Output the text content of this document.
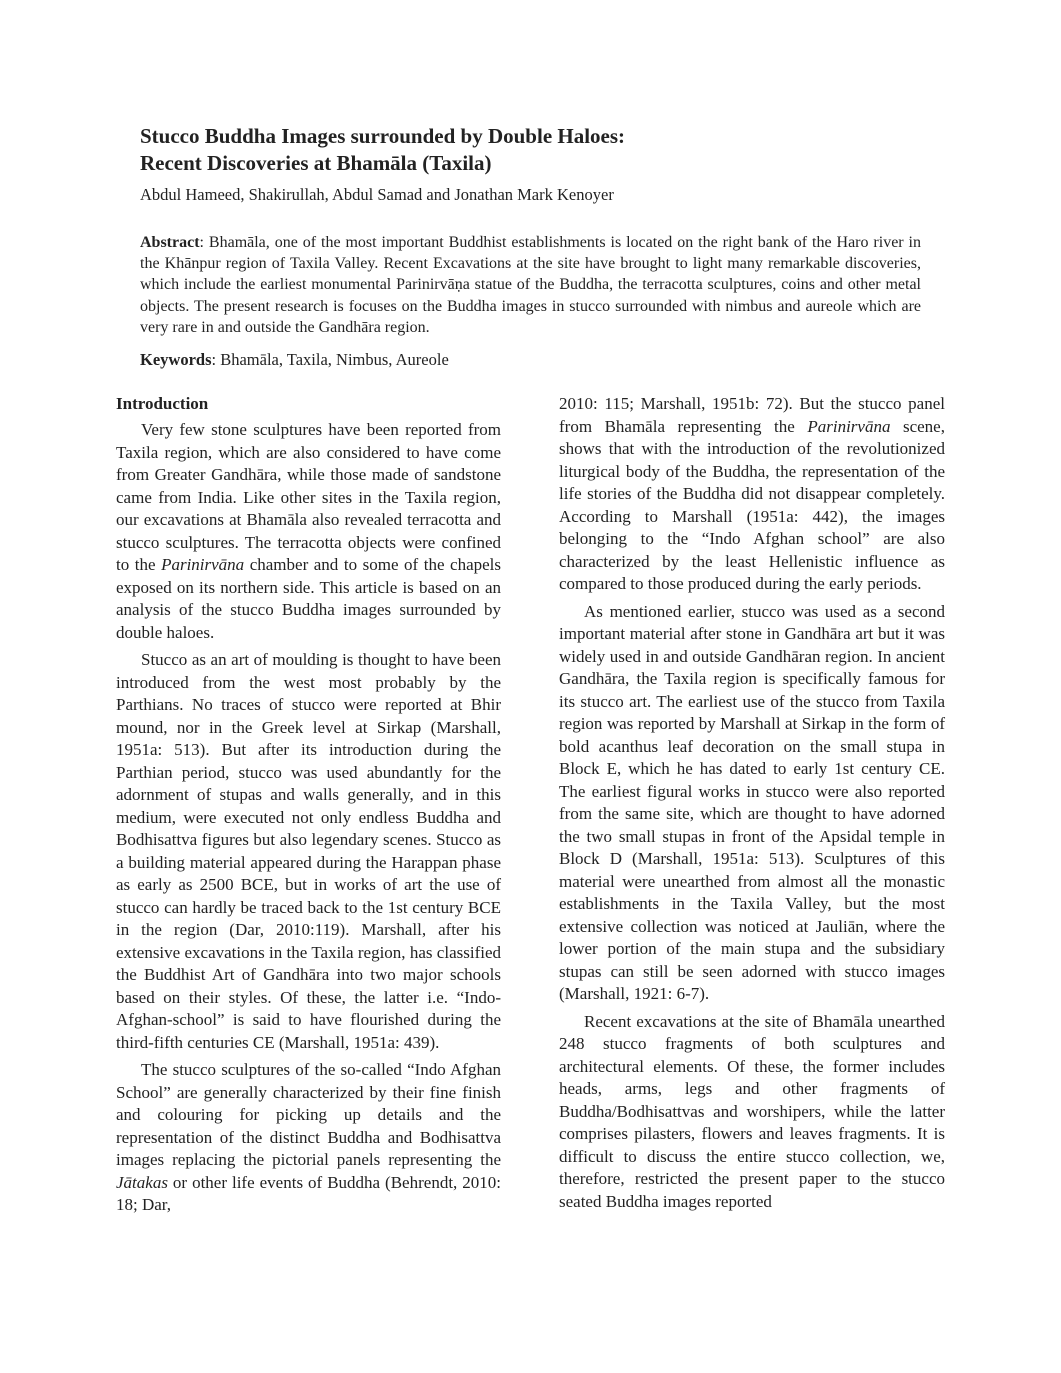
Stucco Buddha Images surrounded by Double Haloes:
Recent Discoveries at Bhamāla (Taxila)

Abdul Hameed, Shakirullah, Abdul Samad and Jonathan Mark Kenoyer

Abstract: Bhamāla, one of the most important Buddhist establishments is located on the right bank of the Haro river in the Khānpur region of Taxila Valley. Recent Excavations at the site have brought to light many remarkable discoveries, which include the earliest monumental Parinirvāṇa statue of the Buddha, the terracotta sculptures, coins and other metal objects. The present research is focuses on the Buddha images in stucco surrounded with nimbus and aureole which are very rare in and outside the Gandhāra region.

Keywords: Bhamāla, Taxila, Nimbus, Aureole

Introduction

Very few stone sculptures have been reported from Taxila region, which are also considered to have come from Greater Gandhāra, while those made of sandstone came from India. Like other sites in the Taxila region, our excavations at Bhamāla also revealed terracotta and stucco sculptures. The terracotta objects were confined to the Parinirvāna chamber and to some of the chapels exposed on its northern side. This article is based on an analysis of the stucco Buddha images surrounded by double haloes.

Stucco as an art of moulding is thought to have been introduced from the west most probably by the Parthians. No traces of stucco were reported at Bhir mound, nor in the Greek level at Sirkap (Marshall, 1951a: 513). But after its introduction during the Parthian period, stucco was used abundantly for the adornment of stupas and walls generally, and in this medium, were executed not only endless Buddha and Bodhisattva figures but also legendary scenes. Stucco as a building material appeared during the Harappan phase as early as 2500 BCE, but in works of art the use of stucco can hardly be traced back to the 1st century BCE in the region (Dar, 2010:119). Marshall, after his extensive excavations in the Taxila region, has classified the Buddhist Art of Gandhāra into two major schools based on their styles. Of these, the latter i.e. “Indo-Afghan-school” is said to have flourished during the third-fifth centuries CE (Marshall, 1951a: 439).

The stucco sculptures of the so-called “Indo Afghan School” are generally characterized by their fine finish and colouring for picking up details and the representation of the distinct Buddha and Bodhisattva images replacing the pictorial panels representing the Jātakas or other life events of Buddha (Behrendt, 2010: 18; Dar,

2010: 115; Marshall, 1951b: 72). But the stucco panel from Bhamāla representing the Parinirvāna scene, shows that with the introduction of the revolutionized liturgical body of the Buddha, the representation of the life stories of the Buddha did not disappear completely. According to Marshall (1951a: 442), the images belonging to the “Indo Afghan school” are also characterized by the least Hellenistic influence as compared to those produced during the early periods.

As mentioned earlier, stucco was used as a second important material after stone in Gandhāra art but it was widely used in and outside Gandhāran region. In ancient Gandhāra, the Taxila region is specifically famous for its stucco art. The earliest use of the stucco from Taxila region was reported by Marshall at Sirkap in the form of bold acanthus leaf decoration on the small stupa in Block E, which he has dated to early 1st century CE. The earliest figural works in stucco were also reported from the same site, which are thought to have adorned the two small stupas in front of the Apsidal temple in Block D (Marshall, 1951a: 513). Sculptures of this material were unearthed from almost all the monastic establishments in the Taxila Valley, but the most extensive collection was noticed at Jauliān, where the lower portion of the main stupa and the subsidiary stupas can still be seen adorned with stucco images (Marshall, 1921: 6-7).

Recent excavations at the site of Bhamāla unearthed 248 stucco fragments of both sculptures and architectural elements. Of these, the former includes heads, arms, legs and other fragments of Buddha/Bodhisattvas and worshipers, while the latter comprises pilasters, flowers and leaves fragments. It is difficult to discuss the entire stucco collection, we, therefore, restricted the present paper to the stucco seated Buddha images reported
